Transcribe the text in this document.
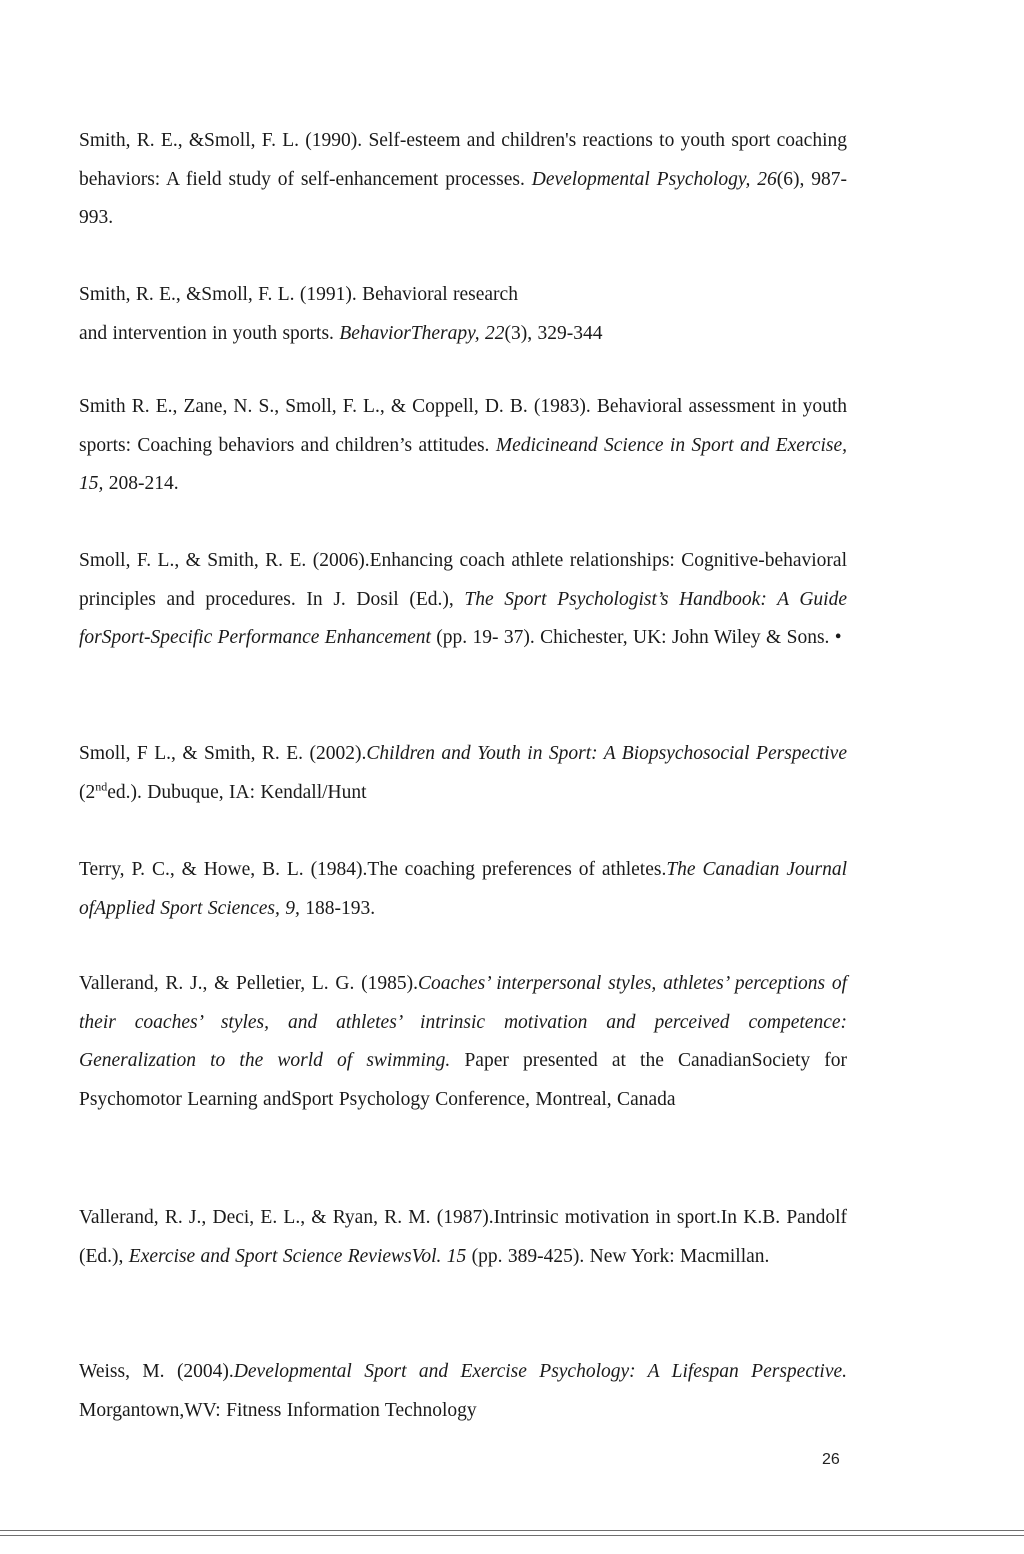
Smith, R. E., &Smoll, F. L. (1990). Self-esteem and children's reactions to youth sport coaching behaviors: A field study of self-enhancement processes. Developmental Psychology, 26(6), 987-993.

Smith, R. E., &Smoll, F. L. (1991). Behavioral research
and intervention in youth sports. BehaviorTherapy, 22(3), 329-344

Smith R. E., Zane, N. S., Smoll, F. L., & Coppell, D. B. (1983). Behavioral assessment in youth sports: Coaching behaviors and children’s attitudes. Medicineand Science in Sport and Exercise, 15, 208-214.

Smoll, F. L., & Smith, R. E. (2006).Enhancing coach athlete relationships: Cognitive-behavioral principles and procedures. In J. Dosil (Ed.), The Sport Psychologist’s Handbook: A Guide forSport-Specific Performance Enhancement (pp. 19- 37). Chichester, UK: John Wiley & Sons. •

Smoll, F L., & Smith, R. E. (2002).Children and Youth in Sport: A Biopsychosocial Perspective (2nded.). Dubuque, IA: Kendall/Hunt

Terry, P. C., & Howe, B. L. (1984).The coaching preferences of athletes.The Canadian Journal ofApplied Sport Sciences, 9, 188-193.

Vallerand, R. J., & Pelletier, L. G. (1985).Coaches’ interpersonal styles, athletes’ perceptions of their coaches’ styles, and athletes’ intrinsic motivation and perceived competence: Generalization to the world of swimming. Paper presented at the CanadianSociety for Psychomotor Learning andSport Psychology Conference, Montreal, Canada

Vallerand, R. J., Deci, E. L., & Ryan, R. M. (1987).Intrinsic motivation in sport.In K.B. Pandolf (Ed.), Exercise and Sport Science ReviewsVol. 15 (pp. 389-425). New York: Macmillan.

Weiss, M. (2004).Developmental Sport and Exercise Psychology: A Lifespan Perspective. Morgantown,WV: Fitness Information Technology

26
